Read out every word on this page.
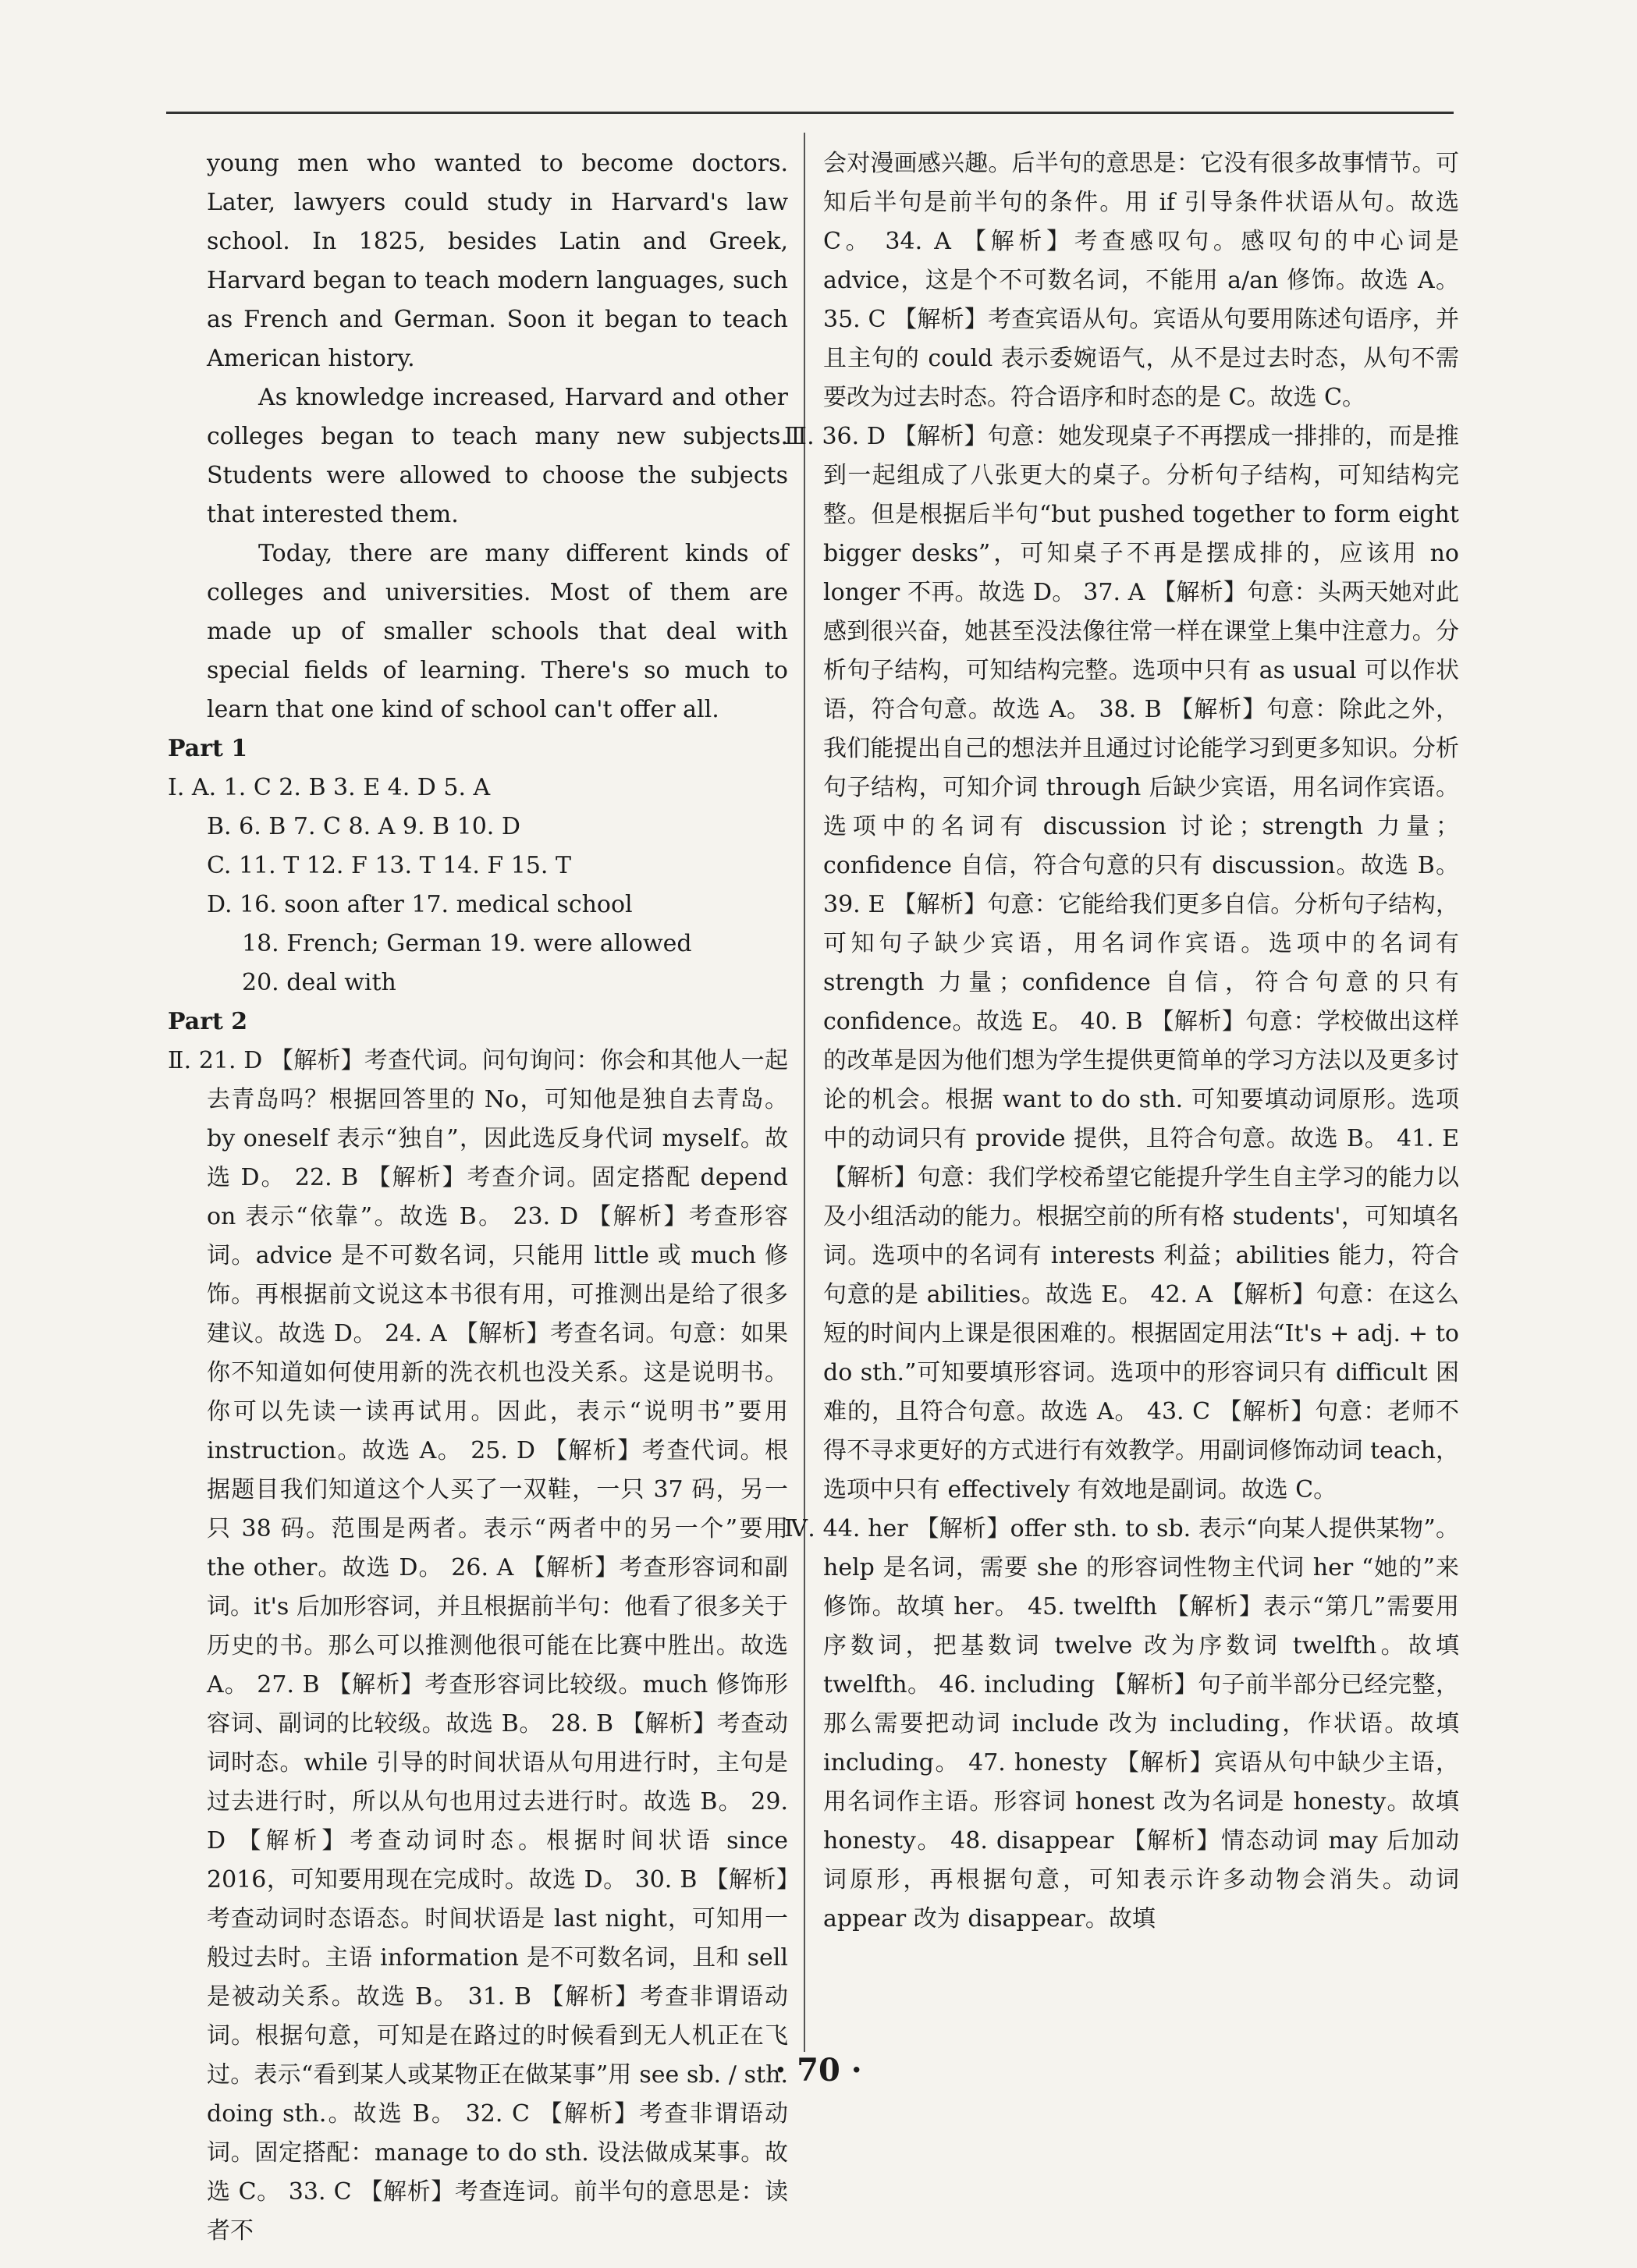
young men who wanted to become doctors. Later, lawyers could study in Harvard's law school. In 1825, besides Latin and Greek, Harvard began to teach modern languages, such as French and German. Soon it began to teach American history.

As knowledge increased, Harvard and other colleges began to teach many new subjects. Students were allowed to choose the subjects that interested them.

Today, there are many different kinds of colleges and universities. Most of them are made up of smaller schools that deal with special fields of learning. There's so much to learn that one kind of school can't offer all.

Part 1

Ⅰ. A. 1. C 2. B 3. E 4. D 5. A

B. 6. B 7. C 8. A 9. B 10. D

C. 11. T 12. F 13. T 14. F 15. T

D. 16. soon after 17. medical school

18. French; German 19. were allowed

20. deal with

Part 2

Ⅱ. 21. D 【解析】考查代词。问句询问：你会和其他人一起去青岛吗？根据回答里的 No，可知他是独自去青岛。by oneself 表示“独自”，因此选反身代词 myself。故选 D。 22. B 【解析】考查介词。固定搭配 depend on 表示“依靠”。故选 B。 23. D 【解析】考查形容词。advice 是不可数名词，只能用 little 或 much 修饰。再根据前文说这本书很有用，可推测出是给了很多建议。故选 D。 24. A 【解析】考查名词。句意：如果你不知道如何使用新的洗衣机也没关系。这是说明书。你可以先读一读再试用。因此，表示“说明书”要用 instruction。故选 A。 25. D 【解析】考查代词。根据题目我们知道这个人买了一双鞋，一只 37 码，另一只 38 码。范围是两者。表示“两者中的另一个”要用 the other。故选 D。 26. A 【解析】考查形容词和副词。it's 后加形容词，并且根据前半句：他看了很多关于历史的书。那么可以推测他很可能在比赛中胜出。故选 A。 27. B 【解析】考查形容词比较级。much 修饰形容词、副词的比较级。故选 B。 28. B 【解析】考查动词时态。while 引导的时间状语从句用进行时，主句是过去进行时，所以从句也用过去进行时。故选 B。 29. D 【解析】考查动词时态。根据时间状语 since 2016，可知要用现在完成时。故选 D。 30. B 【解析】考查动词时态语态。时间状语是 last night，可知用一般过去时。主语 information 是不可数名词，且和 sell 是被动关系。故选 B。 31. B 【解析】考查非谓语动词。根据句意，可知是在路过的时候看到无人机正在飞过。表示“看到某人或某物正在做某事”用 see sb. / sth. doing sth.。故选 B。 32. C 【解析】考查非谓语动词。固定搭配：manage to do sth. 设法做成某事。故选 C。 33. C 【解析】考查连词。前半句的意思是：读者不

会对漫画感兴趣。后半句的意思是：它没有很多故事情节。可知后半句是前半句的条件。用 if 引导条件状语从句。故选 C。 34. A 【解析】考查感叹句。感叹句的中心词是 advice，这是个不可数名词，不能用 a/an 修饰。故选 A。 35. C 【解析】考查宾语从句。宾语从句要用陈述句语序，并且主句的 could 表示委婉语气，从不是过去时态，从句不需要改为过去时态。符合语序和时态的是 C。故选 C。

Ⅲ. 36. D 【解析】句意：她发现桌子不再摆成一排排的，而是推到一起组成了八张更大的桌子。分析句子结构，可知结构完整。但是根据后半句“but pushed together to form eight bigger desks”，可知桌子不再是摆成排的，应该用 no longer 不再。故选 D。 37. A 【解析】句意：头两天她对此感到很兴奋，她甚至没法像往常一样在课堂上集中注意力。分析句子结构，可知结构完整。选项中只有 as usual 可以作状语，符合句意。故选 A。 38. B 【解析】句意：除此之外，我们能提出自己的想法并且通过讨论能学习到更多知识。分析句子结构，可知介词 through 后缺少宾语，用名词作宾语。选项中的名词有 discussion 讨论；strength 力量；confidence 自信，符合句意的只有 discussion。故选 B。 39. E 【解析】句意：它能给我们更多自信。分析句子结构，可知句子缺少宾语，用名词作宾语。选项中的名词有 strength 力量；confidence 自信，符合句意的只有 confidence。故选 E。 40. B 【解析】句意：学校做出这样的改革是因为他们想为学生提供更简单的学习方法以及更多讨论的机会。根据 want to do sth. 可知要填动词原形。选项中的动词只有 provide 提供，且符合句意。故选 B。 41. E 【解析】句意：我们学校希望它能提升学生自主学习的能力以及小组活动的能力。根据空前的所有格 students'，可知填名词。选项中的名词有 interests 利益；abilities 能力，符合句意的是 abilities。故选 E。 42. A 【解析】句意：在这么短的时间内上课是很困难的。根据固定用法“It's + adj. + to do sth.”可知要填形容词。选项中的形容词只有 difficult 困难的，且符合句意。故选 A。 43. C 【解析】句意：老师不得不寻求更好的方式进行有效教学。用副词修饰动词 teach，选项中只有 effectively 有效地是副词。故选 C。

Ⅳ. 44. her 【解析】offer sth. to sb. 表示“向某人提供某物”。help 是名词，需要 she 的形容词性物主代词 her “她的”来修饰。故填 her。 45. twelfth 【解析】表示“第几”需要用序数词，把基数词 twelve 改为序数词 twelfth。故填 twelfth。 46. including 【解析】句子前半部分已经完整，那么需要把动词 include 改为 including，作状语。故填 including。 47. honesty 【解析】宾语从句中缺少主语，用名词作主语。形容词 honest 改为名词是 honesty。故填 honesty。 48. disappear 【解析】情态动词 may 后加动词原形，再根据句意，可知表示许多动物会消失。动词 appear 改为 disappear。故填

· 70 ·
